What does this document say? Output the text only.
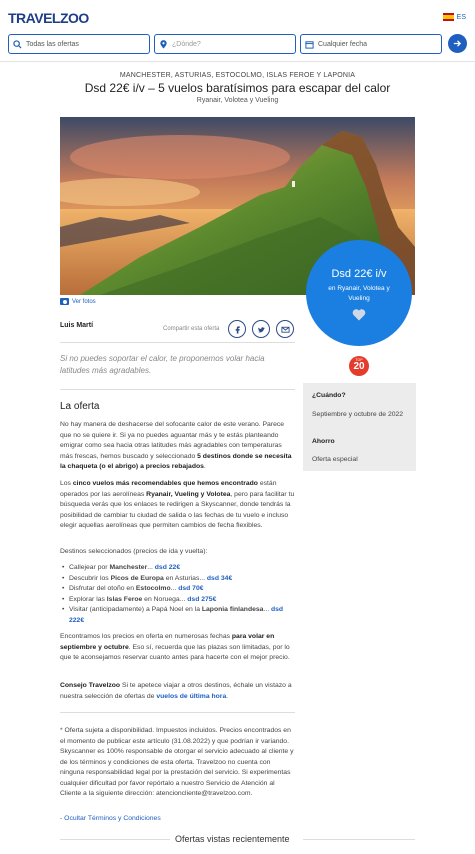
TRAVELZOO	ES
Todas las ofertas	¿Dónde?	Cualquier fecha
MANCHESTER, ASTURIAS, ESTOCOLMO, ISLAS FEROE Y LAPONIA
Dsd 22€ i/v – 5 vuelos baratísimos para escapar del calor
Ryanair, Volotea y Vueling
Ver fotos
Dsd 22€ i/v
en Ryanair, Volotea y Vueling
Luis Martí	Compartir esta oferta
TOP
20
Si no puedes soportar el calor, te proponemos volar hacia latitudes más agradables.
¿Cuándo?
Septiembre y octubre de 2022
Ahorro
Oferta especial
La oferta
No hay manera de deshacerse del sofocante calor de este verano. Parece que no se quiere ir. Si ya no puedes aguantar más y te estás planteando emigrar como sea hacia otras latitudes más agradables con temperaturas más frescas, hemos buscado y seleccionado 5 destinos donde se necesita la chaqueta (o el abrigo) a precios rebajados.
Los cinco vuelos más recomendables que hemos encontrado están operados por las aerolíneas Ryanair, Vueling y Volotea, pero para facilitar tu búsqueda verás que los enlaces te redirigen a Skyscanner, donde tendrás la posibilidad de cambiar tu ciudad de salida o las fechas de tu vuelo e incluso elegir aquellas aerolíneas que permiten cambios de fecha flexibles.
Destinos seleccionados (precios de ida y vuelta):
• Callejear por Manchester... dsd 22€
• Descubrir los Picos de Europa en Asturias... dsd 34€
• Disfrutar del otoño en Estocolmo... dsd 70€
• Explorar las Islas Feroe en Noruega... dsd 275€
• Visitar (anticipadamente) a Papá Noel en la Laponia finlandesa... dsd 222€
Encontramos los precios en oferta en numerosas fechas para volar en septiembre y octubre. Eso sí, recuerda que las plazas son limitadas, por lo que te aconsejamos reservar cuanto antes para hacerte con el mejor precio.
Consejo Travelzoo Si te apetece viajar a otros destinos, échale un vistazo a nuestra selección de ofertas de vuelos de última hora.
* Oferta sujeta a disponibilidad. Impuestos incluidos. Precios encontrados en el momento de publicar este artículo (31.08.2022) y que podrían ir variando. Skyscanner es 100% responsable de otorgar el servicio adecuado al cliente y de los términos y condiciones de esta oferta. Travelzoo no cuenta con ninguna responsabilidad legal por la prestación del servicio. Si experimentas cualquier dificultad por favor repórtalo a nuestro Servicio de Atención al Cliente a la siguiente dirección: atencioncliente@travelzoo.com.
- Ocultar Términos y Condiciones
Ofertas vistas recientemente
